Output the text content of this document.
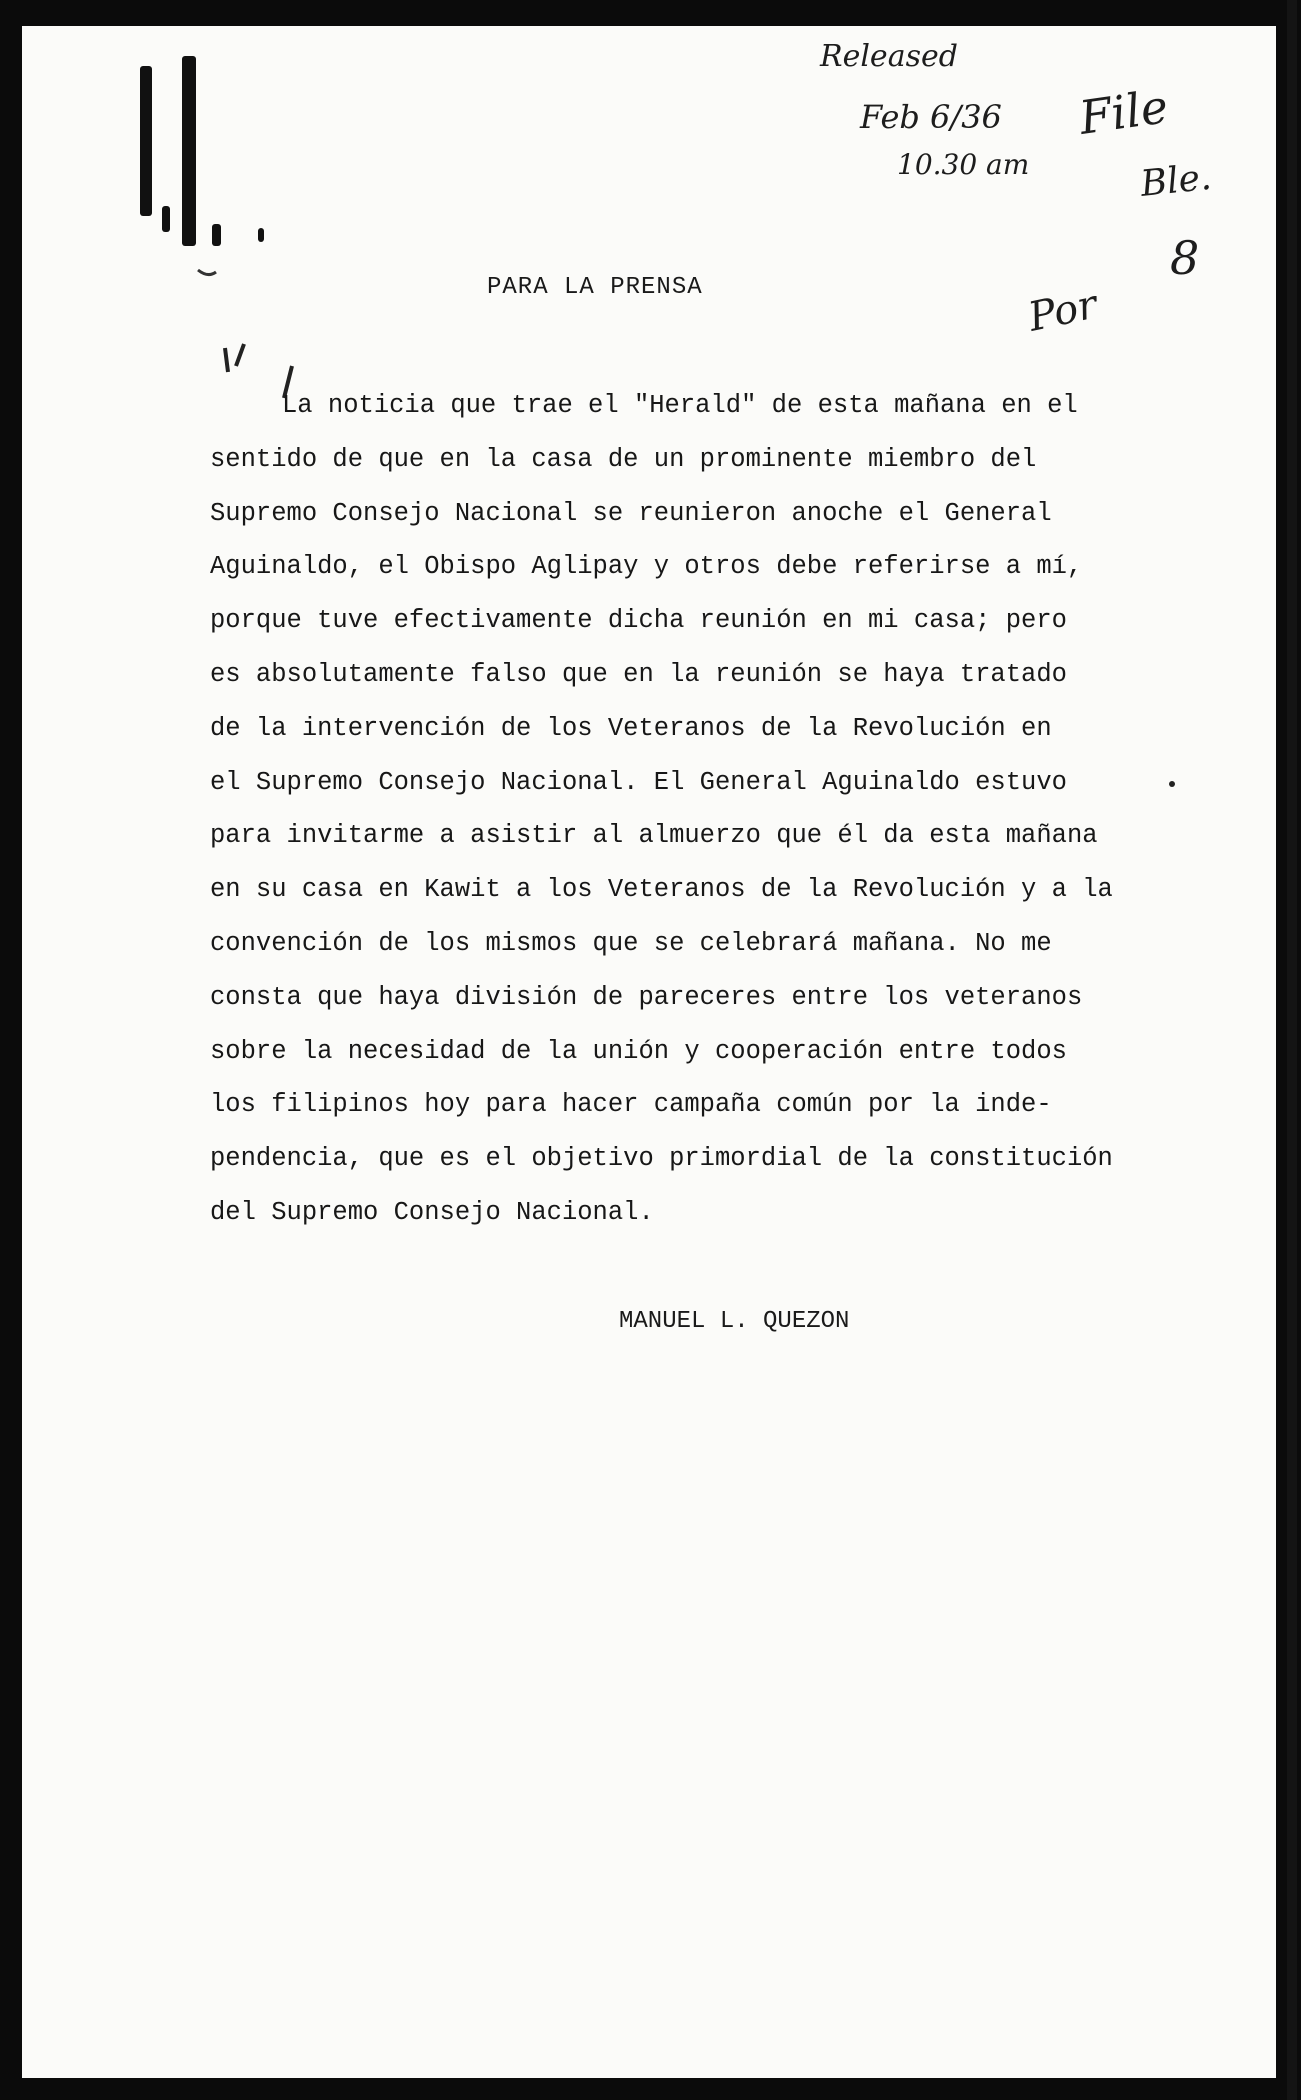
Released
Feb 6/36
10.30 am
File
Ble.
8
Por
PARA LA PRENSA
La noticia que trae el "Herald" de esta mañana en el
sentido de que en la casa de un prominente miembro del
Supremo Consejo Nacional se reunieron anoche el General
Aguinaldo, el Obispo Aglipay y otros debe referirse a mí,
porque tuve efectivamente dicha reunión en mi casa; pero
es absolutamente falso que en la reunión se haya tratado
de la intervención de los Veteranos de la Revolución en
el Supremo Consejo Nacional. El General Aguinaldo estuvo
para invitarme a asistir al almuerzo que él da esta mañana
en su casa en Kawit a los Veteranos de la Revolución y a la
convención de los mismos que se celebrará mañana. No me
consta que haya división de pareceres entre los veteranos
sobre la necesidad de la unión y cooperación entre todos
los filipinos hoy para hacer campaña común por la inde-
pendencia, que es el objetivo primordial de la constitución
del Supremo Consejo Nacional.
MANUEL L. QUEZON
